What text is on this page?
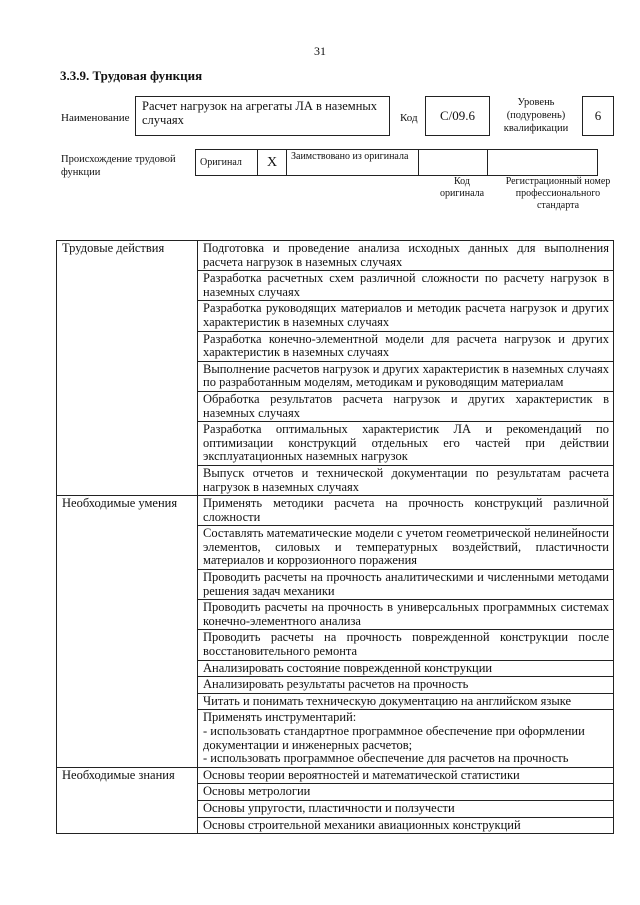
31
3.3.9. Трудовая функция
Наименование
Расчет нагрузок на агрегаты ЛА в наземных случаях	Код	C/09.6
Уровень (подуровень) квалификации
6
Происхождение трудовой функции
Оригинал	X	Заимствовано из оригинала		
Код оригинала
Регистрационный номер профессионального стандарта
Трудовые действия	Подготовка и проведение анализа исходных данных для выполнения расчета нагрузок в наземных случаях
	Разработка расчетных схем различной сложности по расчету нагрузок в наземных случаях
	Разработка руководящих материалов и методик расчета нагрузок и других характеристик в наземных случаях
	Разработка конечно-элементной модели для расчета нагрузок и других характеристик в наземных случаях
	Выполнение расчетов нагрузок и других характеристик в наземных случаях по разработанным моделям, методикам и руководящим материалам
	Обработка результатов расчета нагрузок и других характеристик в наземных случаях
	Разработка оптимальных характеристик ЛА и рекомендаций по оптимизации конструкций отдельных его частей при действии эксплуатационных наземных нагрузок
	Выпуск отчетов и технической документации по результатам расчета нагрузок в наземных случаях
Необходимые умения	Применять методики расчета на прочность конструкций различной сложности
	Составлять математические модели с учетом геометрической нелинейности элементов, силовых и температурных воздействий, пластичности материалов и коррозионного поражения
	Проводить расчеты на прочность аналитическими и численными методами решения задач механики
	Проводить расчеты на прочность в универсальных программных системах конечно-элементного анализа
	Проводить расчеты на прочность поврежденной конструкции после восстановительного ремонта
	Анализировать состояние поврежденной конструкции
	Анализировать результаты расчетов на прочность
	Читать и понимать техническую документацию на английском языке

	Применять инструментарий:
- использовать стандартное программное обеспечение при оформлении документации и инженерных расчетов;
- использовать программное обеспечение для расчетов на прочность

Необходимые знания	Основы теории вероятностей и математической статистики
	Основы метрологии
	Основы упругости, пластичности и ползучести
	Основы строительной механики авиационных конструкций
